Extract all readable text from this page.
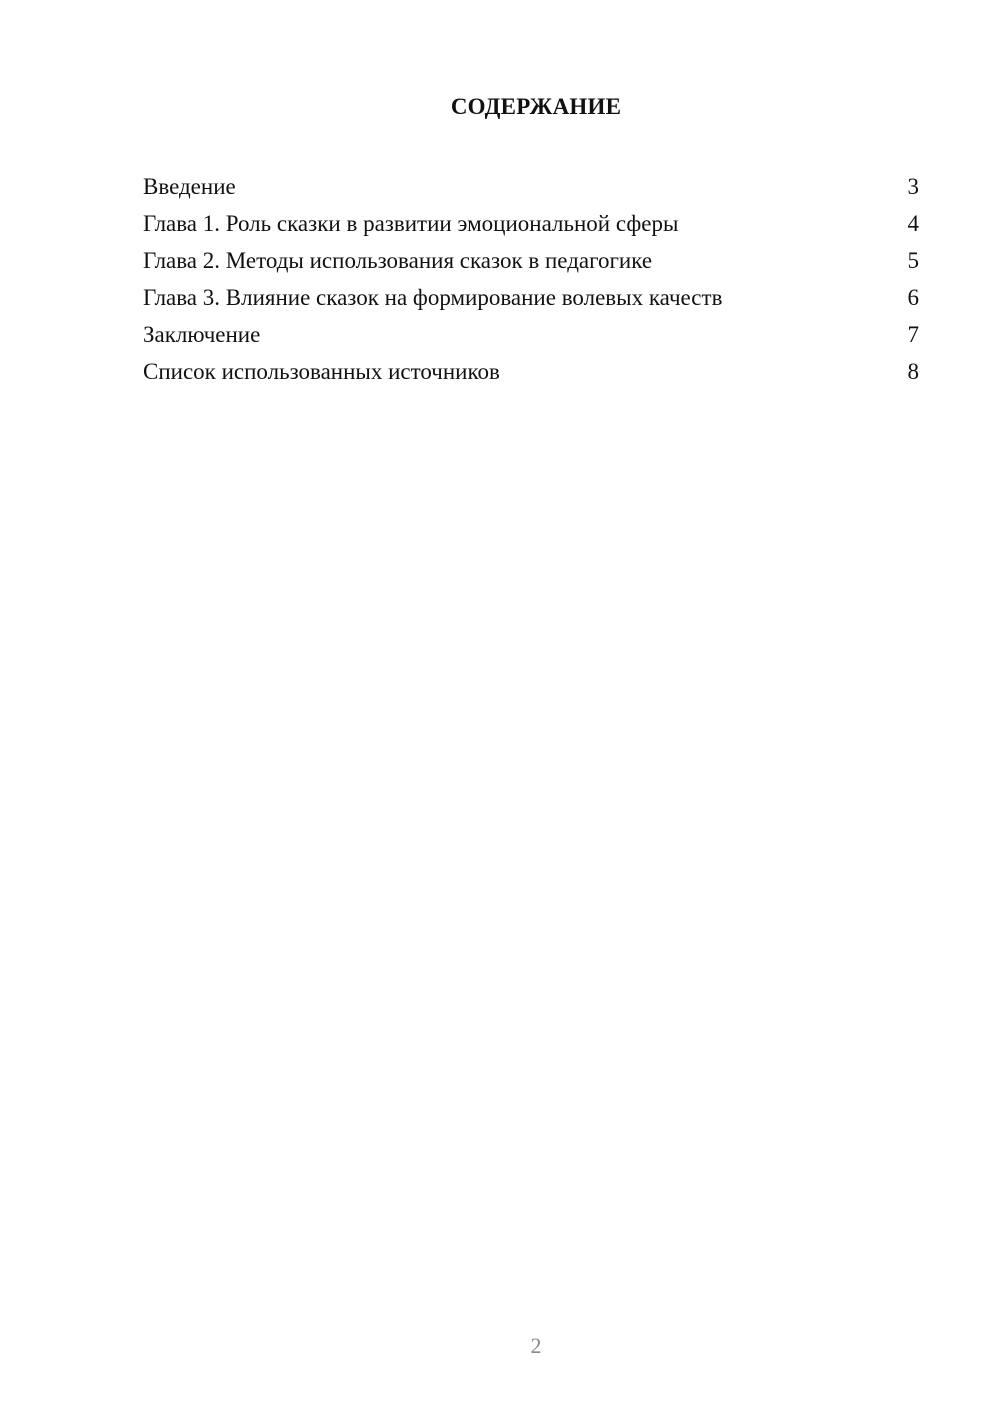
СОДЕРЖАНИЕ
Введение	3
Глава 1. Роль сказки в развитии эмоциональной сферы	4
Глава 2. Методы использования сказок в педагогике	5
Глава 3. Влияние сказок на формирование волевых качеств	6
Заключение	7
Список использованных источников	8
2
